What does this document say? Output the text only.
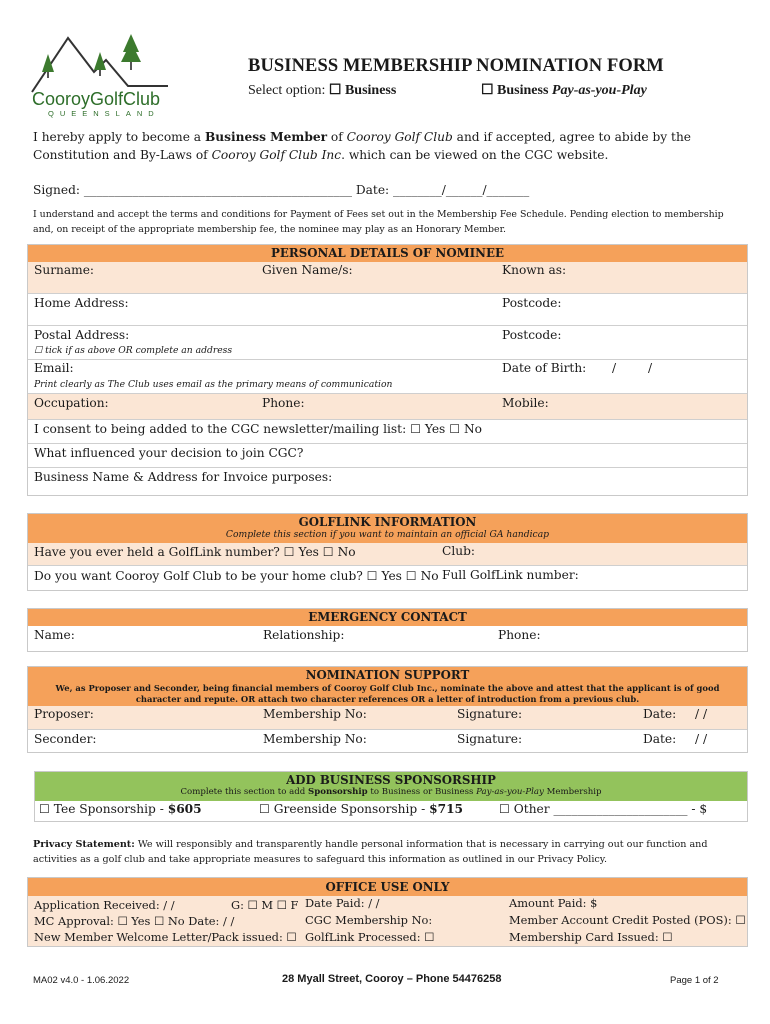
CooroyGolfClub
QUEENSLAND
BUSINESS MEMBERSHIP NOMINATION FORM
Select option: ☐ Business	☐ Business Pay-as-you-Play
I hereby apply to become a Business Member of Cooroy Golf Club and if accepted, agree to abide by the Constitution and By-Laws of Cooroy Golf Club Inc. which can be viewed on the CGC website.
Signed: ____________________________________________ Date: ________/______/_______
I understand and accept the terms and conditions for Payment of Fees set out in the Membership Fee Schedule. Pending election to membership and, on receipt of the appropriate membership fee, the nominee may play as an Honorary Member.
PERSONAL DETAILS OF NOMINEE
Surname:	Given Name/s:	Known as:
Home Address:	Postcode:
Postal Address:	Postcode:
☐ tick if as above OR complete an address
Email:	Date of Birth: /	/
Print clearly as The Club uses email as the primary means of communication
Occupation:	Phone:	Mobile:
I consent to being added to the CGC newsletter/mailing list: ☐ Yes ☐ No
What influenced your decision to join CGC?
Business Name & Address for Invoice purposes:
GOLFLINK INFORMATION
Complete this section if you want to maintain an official GA handicap
Have you ever held a GolfLink number? ☐ Yes ☐ No	Club:
Do you want Cooroy Golf Club to be your home club? ☐ Yes ☐ No Full GolfLink number:
EMERGENCY CONTACT
Name:	Relationship:	Phone:
NOMINATION SUPPORT
We, as Proposer and Seconder, being financial members of Cooroy Golf Club Inc., nominate the above and attest that the applicant is of good
character and repute. OR attach two character references OR a letter of introduction from a previous club.
Proposer:	Membership No:	Signature:	Date: / /
Seconder:	Membership No:	Signature:	Date: / /
ADD BUSINESS SPONSORSHIP
Complete this section to add Sponsorship to Business or Business Pay-as-you-Play Membership
☐ Tee Sponsorship - $605	☐ Greenside Sponsorship - $715	☐ Other ______________________ - $
Privacy Statement: We will responsibly and transparently handle personal information that is necessary in carrying out our function and activities as a golf club and take appropriate measures to safeguard this information as outlined in our Privacy Policy.
OFFICE USE ONLY
Application Received: / /	G: ☐ M ☐ F Date Paid: / /	Amount Paid: $
MC Approval: ☐ Yes ☐ No Date: / /	CGC Membership No:	Member Account Credit Posted (POS): ☐
New Member Welcome Letter/Pack issued: ☐ GolfLink Processed: ☐	Membership Card Issued: ☐
MA02 v4.0 - 1.06.2022	28 Myall Street, Cooroy – Phone 54476258	Page 1 of 2
